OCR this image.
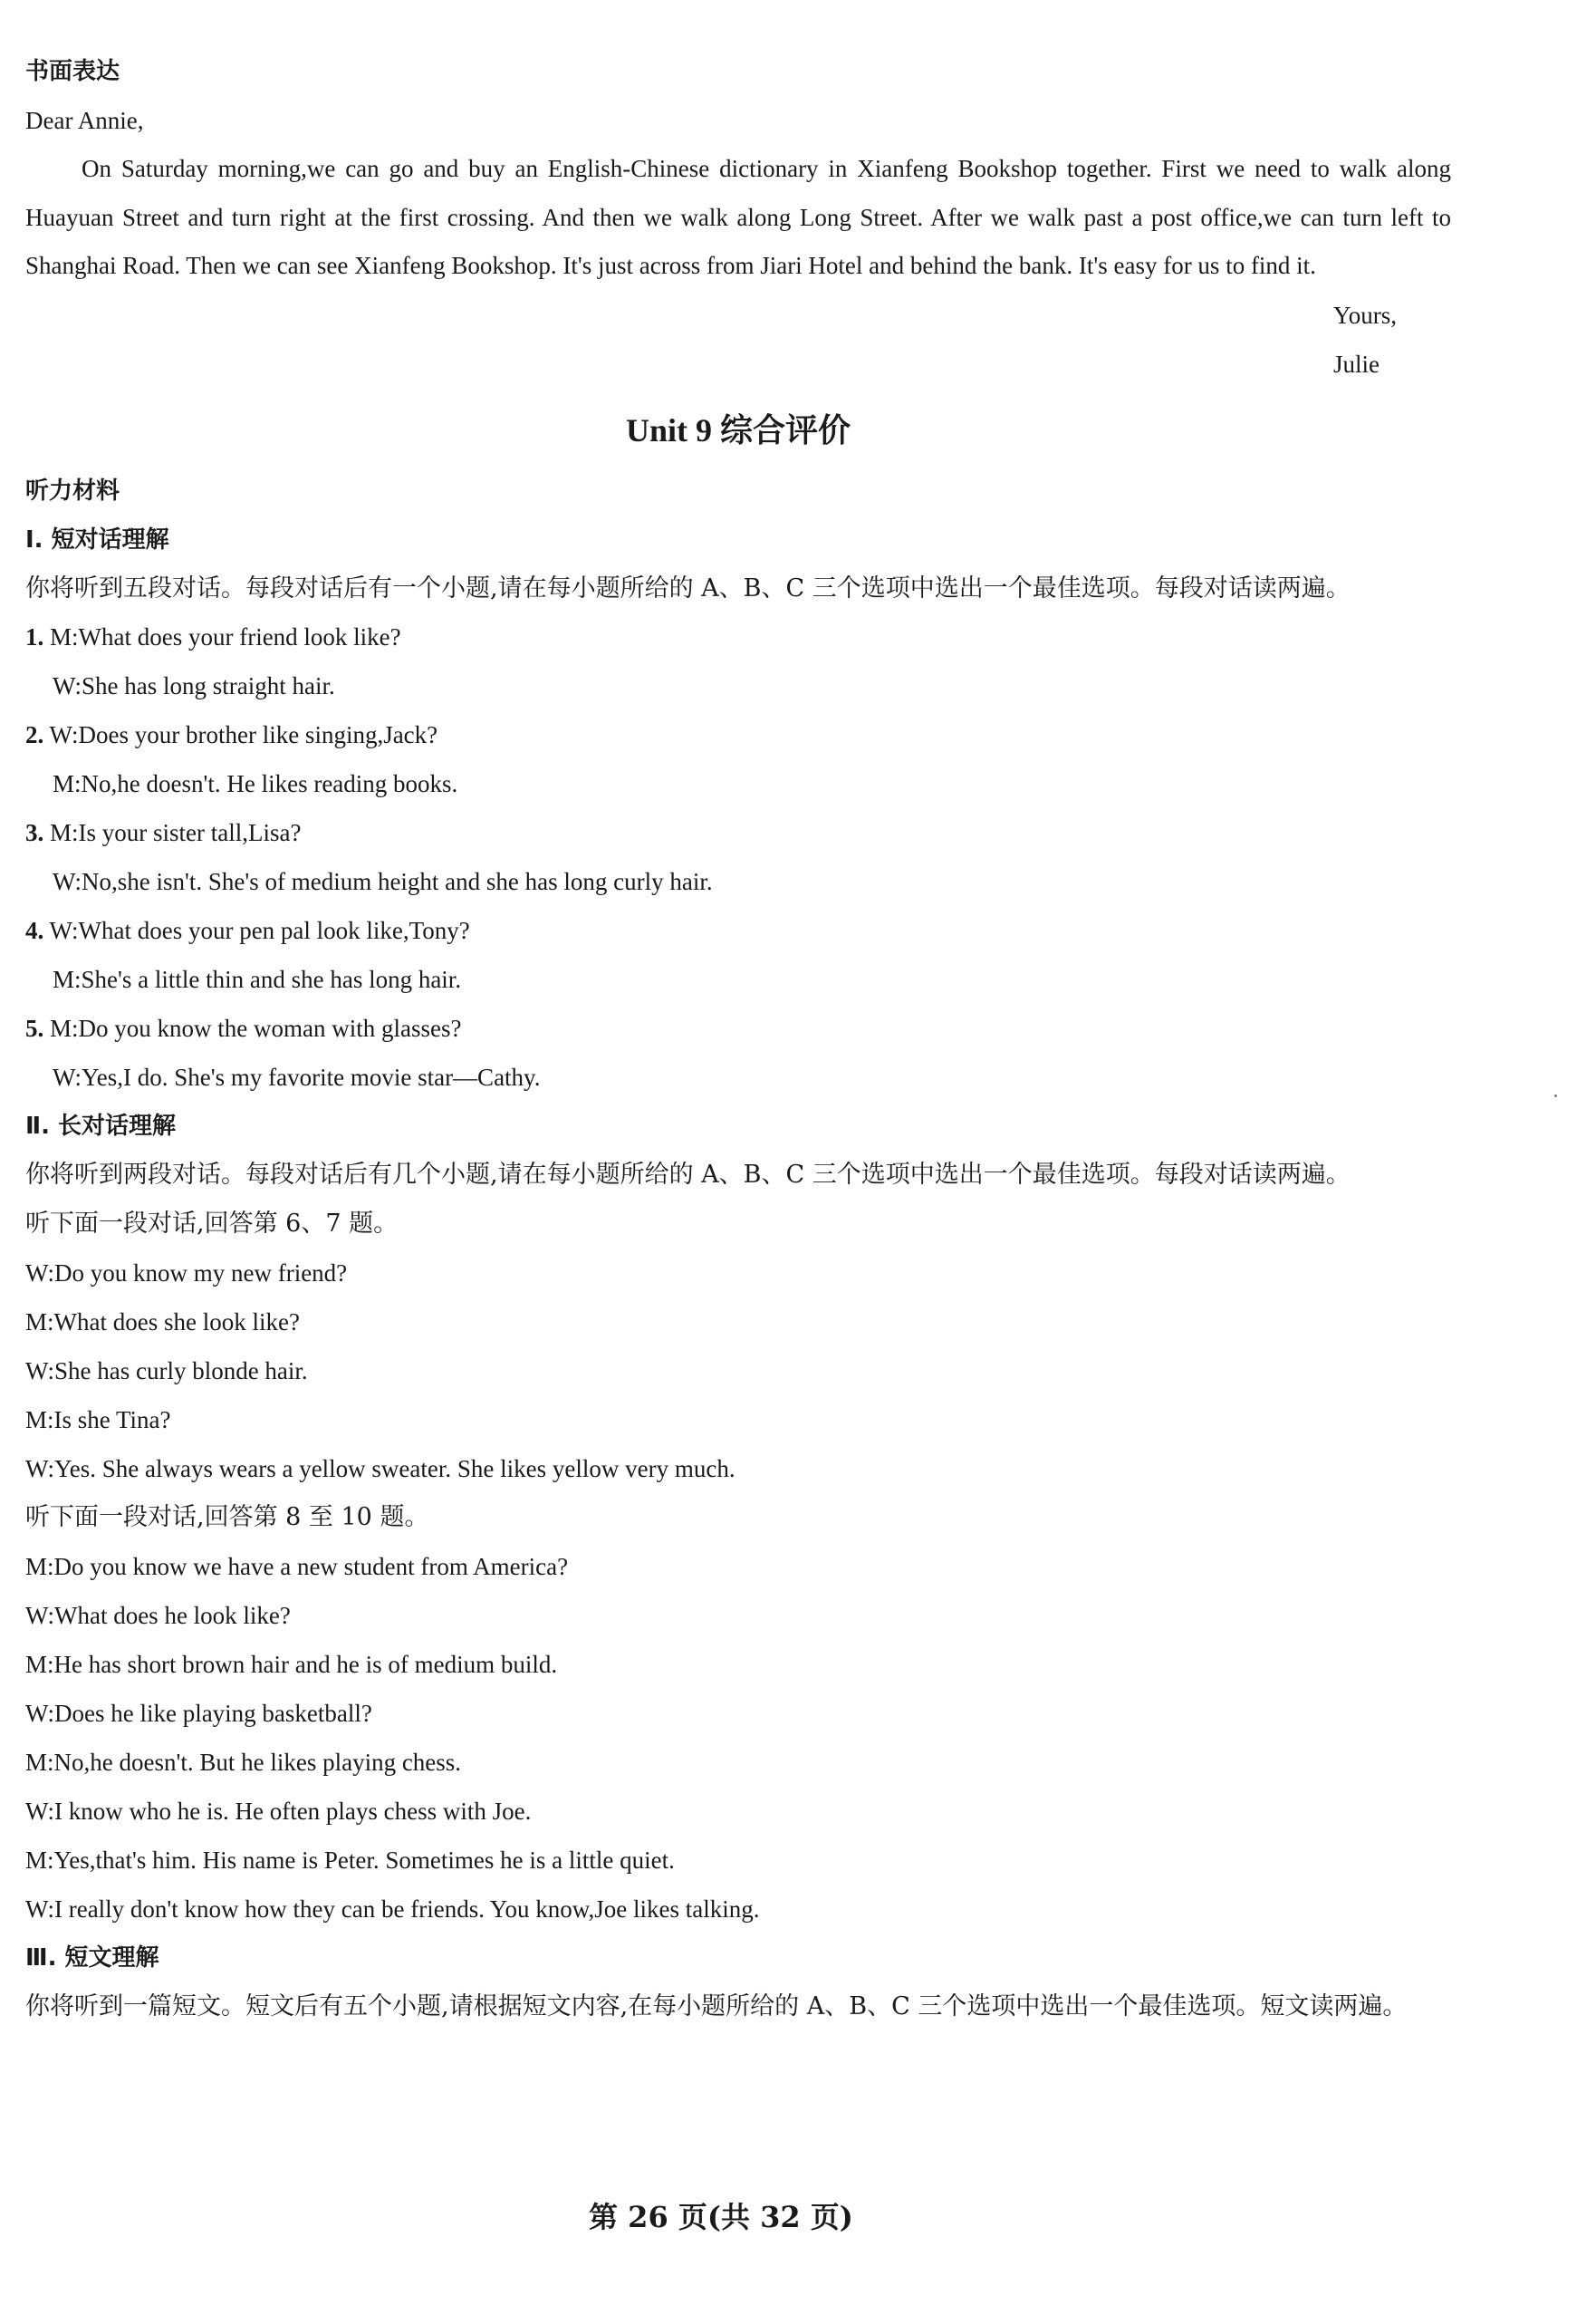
书面表达

Dear Annie,

On Saturday morning,we can go and buy an English-Chinese dictionary in Xianfeng Bookshop together. First we need to walk along Huayuan Street and turn right at the first crossing. And then we walk along Long Street. After we walk past a post office,we can turn left to Shanghai Road. Then we can see Xianfeng Bookshop. It's just across from Jiari Hotel and behind the bank. It's easy for us to find it.

Yours,

Julie

Unit 9 综合评价

听力材料

Ⅰ. 短对话理解

你将听到五段对话。每段对话后有一个小题,请在每小题所给的 A、B、C 三个选项中选出一个最佳选项。每段对话读两遍。

1. M:What does your friend look like?

W:She has long straight hair.

2. W:Does your brother like singing,Jack?

M:No,he doesn't. He likes reading books.

3. M:Is your sister tall,Lisa?

W:No,she isn't. She's of medium height and she has long curly hair.

4. W:What does your pen pal look like,Tony?

M:She's a little thin and she has long hair.

5. M:Do you know the woman with glasses?

W:Yes,I do. She's my favorite movie star—Cathy.

Ⅱ. 长对话理解

你将听到两段对话。每段对话后有几个小题,请在每小题所给的 A、B、C 三个选项中选出一个最佳选项。每段对话读两遍。

听下面一段对话,回答第 6、7 题。

W:Do you know my new friend?

M:What does she look like?

W:She has curly blonde hair.

M:Is she Tina?

W:Yes. She always wears a yellow sweater. She likes yellow very much.

听下面一段对话,回答第 8 至 10 题。

M:Do you know we have a new student from America?

W:What does he look like?

M:He has short brown hair and he is of medium build.

W:Does he like playing basketball?

M:No,he doesn't. But he likes playing chess.

W:I know who he is. He often plays chess with Joe.

M:Yes,that's him. His name is Peter. Sometimes he is a little quiet.

W:I really don't know how they can be friends. You know,Joe likes talking.

Ⅲ. 短文理解

你将听到一篇短文。短文后有五个小题,请根据短文内容,在每小题所给的 A、B、C 三个选项中选出一个最佳选项。短文读两遍。

第 26 页(共 32 页)
